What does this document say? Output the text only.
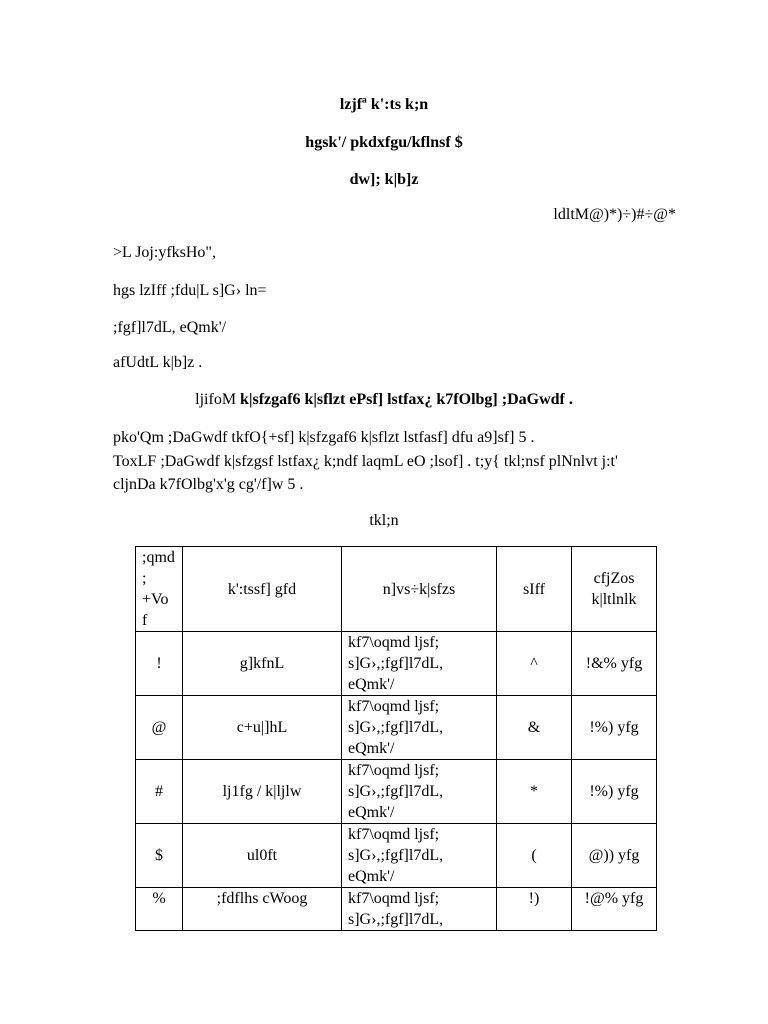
lzjfª k':ts k;n
hgsk'/ pkdxfgu/kflnsf $
dw]; k|b]z
ldltM@)*)÷)#÷@*
>L Joj:yfksHo",
hgs lzIff ;fdu|L s]G› ln=
;fgf]l7dL, eQmk'/
afUdtL k|b]z .
ljifoM k|sfzgaf6 k|sflzt ePsf] lstfax¿ k7fOlbg] ;DaGwdf .
pko'Qm ;DaGwdf tkfO{+sf] k|sfzgaf6 k|sflzt lstfasf] dfu a9]sf] 5 .
ToxLF ;DaGwdf k|sfzgsf lstfax¿ k;ndf laqmL eO ;lsof] . t;y{ tkl;nsf plNnlvt j:t'
cljnDa k7fOlbg'x'g cg'/f]w 5 .
tkl;n
;qmd
;
+Vo
f	k':tssf] gfd	n]vs÷k|sfzs	sIff	cfjZos k|ltlnlk
!	g]kfnL	kf7\oqmd ljsf;
s]G›,;fgf]l7dL,
eQmk'/	^	!&% yfg
@	c+u|]hL	kf7\oqmd ljsf;
s]G›,;fgf]l7dL,
eQmk'/	&	!%) yfg
#	lj1fg / k|ljlw	kf7\oqmd ljsf;
s]G›,;fgf]l7dL,
eQmk'/	*	!%) yfg
$	ul0ft	kf7\oqmd ljsf;
s]G›,;fgf]l7dL,
eQmk'/	(	@)) yfg
%	;fdflhs cWoog	kf7\oqmd ljsf;
s]G›,;fgf]l7dL,	!)	!@% yfg
